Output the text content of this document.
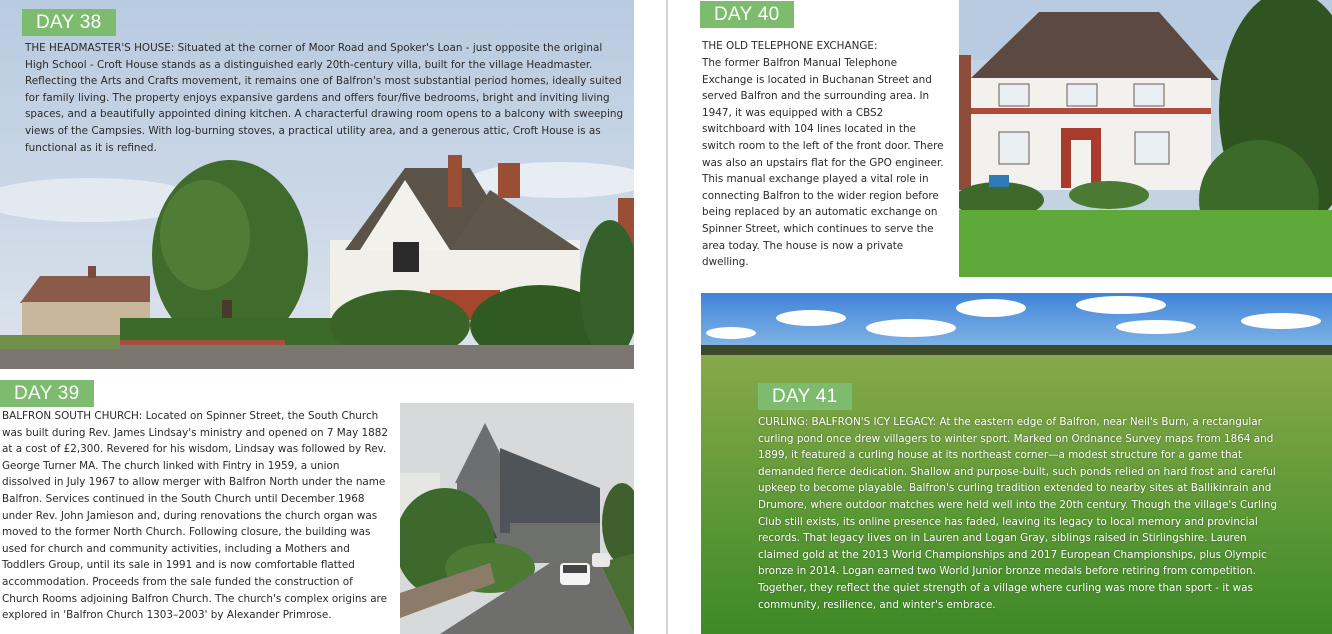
DAY 38
THE HEADMASTER'S HOUSE: Situated at the corner of Moor Road and Spoker's Loan - just opposite the original High School - Croft House stands as a distinguished early 20th-century villa, built for the village Headmaster. Reflecting the Arts and Crafts movement, it remains one of Balfron's most substantial period homes, ideally suited for family living. The property enjoys expansive gardens and offers four/five bedrooms, bright and inviting living spaces, and a beautifully appointed dining kitchen. A characterful drawing room opens to a balcony with sweeping views of the Campsies. With log-burning stoves, a practical utility area, and a generous attic, Croft House is as functional as it is refined.
DAY 39
BALFRON SOUTH CHURCH: Located on Spinner Street, the South Church was built during Rev. James Lindsay's ministry and opened on 7 May 1882 at a cost of £2,300. Revered for his wisdom, Lindsay was followed by Rev. George Turner MA. The church linked with Fintry in 1959, a union dissolved in July 1967 to allow merger with Balfron North under the name Balfron. Services continued in the South Church until December 1968 under Rev. John Jamieson and, during renovations the church organ was moved to the former North Church. Following closure, the building was used for church and community activities, including a Mothers and Toddlers Group, until its sale in 1991 and is now comfortable flatted accommodation. Proceeds from the sale funded the construction of Church Rooms adjoining Balfron Church. The church's complex origins are explored in 'Balfron Church 1303–2003' by Alexander Primrose.
DAY 40
THE OLD TELEPHONE EXCHANGE:
The former Balfron Manual Telephone Exchange is located in Buchanan Street and served Balfron and the surrounding area. In 1947, it was equipped with a CBS2 switchboard with 104 lines located in the switch room to the left of the front door. There was also an upstairs flat for the GPO engineer. This manual exchange played a vital role in connecting Balfron to the wider region before being replaced by an automatic exchange on Spinner Street, which continues to serve the area today. The house is now a private dwelling.
DAY 41
CURLING: BALFRON'S ICY LEGACY: At the eastern edge of Balfron, near Neil's Burn, a rectangular curling pond once drew villagers to winter sport. Marked on Ordnance Survey maps from 1864 and 1899, it featured a curling house at its northeast corner—a modest structure for a game that demanded fierce dedication. Shallow and purpose-built, such ponds relied on hard frost and careful upkeep to become playable. Balfron's curling tradition extended to nearby sites at Ballikinrain and Drumore, where outdoor matches were held well into the 20th century. Though the village's Curling Club still exists, its online presence has faded, leaving its legacy to local memory and provincial records. That legacy lives on in Lauren and Logan Gray, siblings raised in Stirlingshire. Lauren claimed gold at the 2013 World Championships and 2017 European Championships, plus Olympic bronze in 2014. Logan earned two World Junior bronze medals before retiring from competition. Together, they reflect the quiet strength of a village where curling was more than sport - it was community, resilience, and winter's embrace.
